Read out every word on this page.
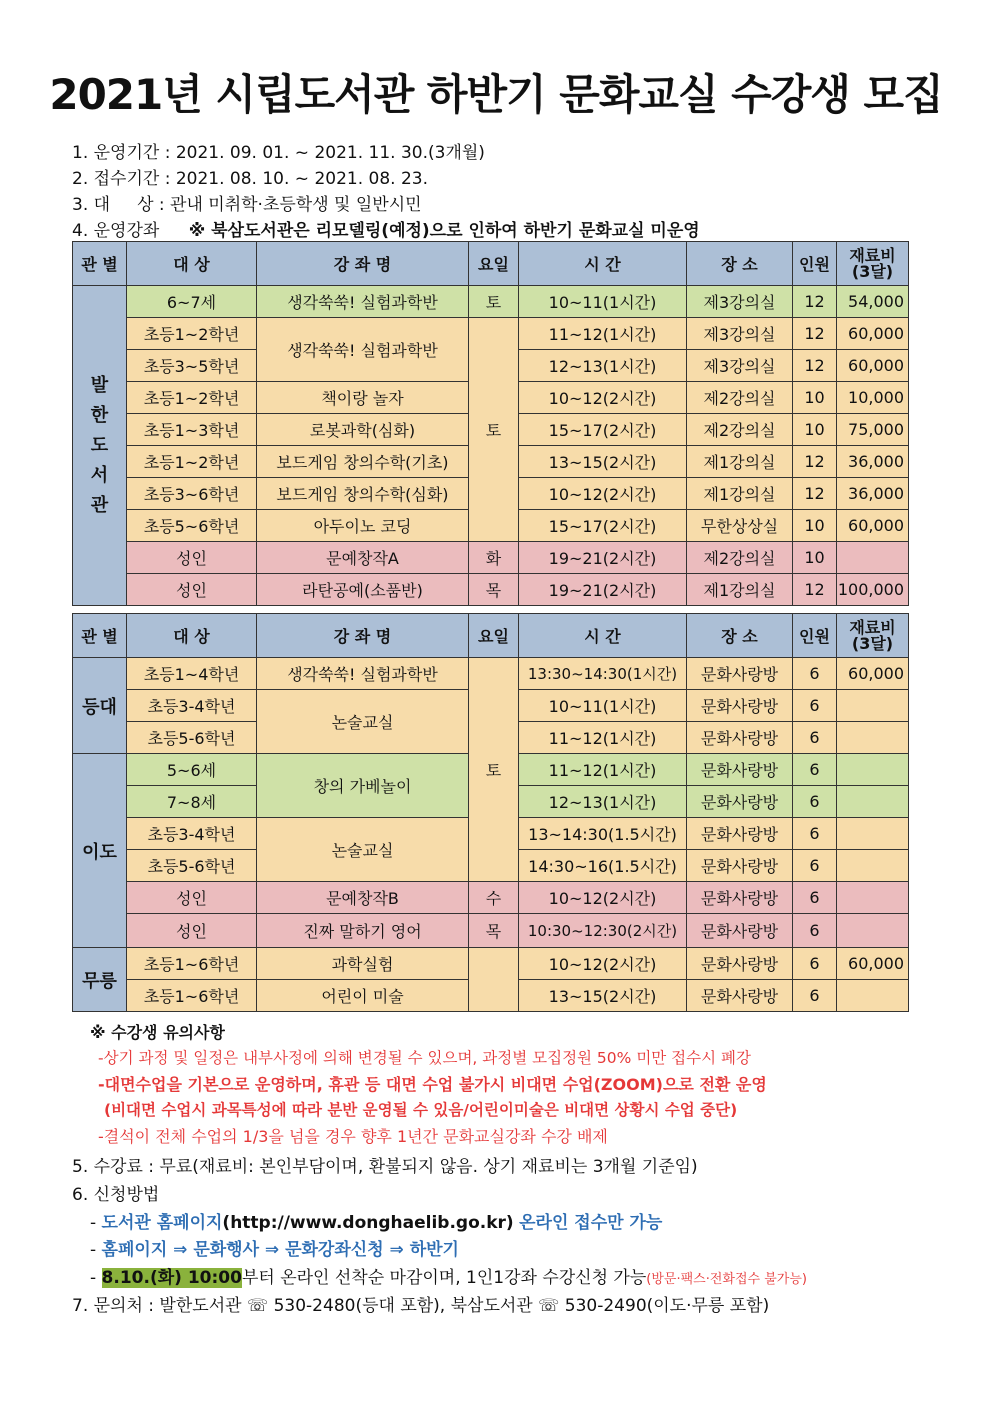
2021년 시립도서관 하반기 문화교실 수강생 모집
1. 운영기간 : 2021. 09. 01. ~ 2021. 11. 30.(3개월)
2. 접수기간 : 2021. 08. 10. ~ 2021. 08. 23.
3. 대     상 : 관내 미취학·초등학생 및 일반시민
4. 운영강좌 ※ 북삼도서관은 리모델링(예정)으로 인하여 하반기 문화교실 미운영
관 별	대 상	강 좌 명	요일	시 간	장 소	인원	재료비
(3달)
발 한 도 서 관	6~7세	생각쑥쑥! 실험과학반	토	10~11(1시간)	제3강의실	12	54,000
	초등1~2학년	생각쑥쑥! 실험과학반	토	11~12(1시간)	제3강의실	12	60,000
	초등3~5학년			12~13(1시간)	제3강의실	12	60,000
	초등1~2학년	책이랑 놀자		10~12(2시간)	제2강의실	10	10,000
	초등1~3학년	로봇과학(심화)		15~17(2시간)	제2강의실	10	75,000
	초등1~2학년	보드게임 창의수학(기초)		13~15(2시간)	제1강의실	12	36,000
	초등3~6학년	보드게임 창의수학(심화)		10~12(2시간)	제1강의실	12	36,000
	초등5~6학년	아두이노 코딩		15~17(2시간)	무한상상실	10	60,000
	성인	문예창작A	화	19~21(2시간)	제2강의실	10	
	성인	라탄공예(소품반)	목	19~21(2시간)	제1강의실	12	100,000
관 별	대 상	강 좌 명	요일	시 간	장 소	인원	재료비
(3달)
등대	초등1~4학년	생각쑥쑥! 실험과학반	토	13:30~14:30(1시간)	문화사랑방	6	60,000
	초등3-4학년	논술교실		10~11(1시간)	문화사랑방	6	
	초등5-6학년			11~12(1시간)	문화사랑방	6	
이도	5~6세	창의 가베놀이		11~12(1시간)	문화사랑방	6	
	7~8세			12~13(1시간)	문화사랑방	6	
	초등3-4학년	논술교실		13~14:30(1.5시간)	문화사랑방	6	
	초등5-6학년			14:30~16(1.5시간)	문화사랑방	6	
	성인	문예창작B	수	10~12(2시간)	문화사랑방	6	
	성인	진짜 말하기 영어	목	10:30~12:30(2시간)	문화사랑방	6	
무릉	초등1~6학년	과학실험		10~12(2시간)	문화사랑방	6	60,000
	초등1~6학년	어린이 미술		13~15(2시간)	문화사랑방	6	
※ 수강생 유의사항
-상기 과정 및 일정은 내부사정에 의해 변경될 수 있으며, 과정별 모집정원 50% 미만 접수시 폐강
-대면수업을 기본으로 운영하며, 휴관 등 대면 수업 불가시 비대면 수업(ZOOM)으로 전환 운영
(비대면 수업시 과목특성에 따라 분반 운영될 수 있음/어린이미술은 비대면 상황시 수업 중단)
-결석이 전체 수업의 1/3을 넘을 경우 향후 1년간 문화교실강좌 수강 배제
5. 수강료 : 무료(재료비: 본인부담이며, 환불되지 않음. 상기 재료비는 3개월 기준임)
6. 신청방법
- 도서관 홈페이지(http://www.donghaelib.go.kr) 온라인 접수만 가능
- 홈페이지 ⇒ 문화행사 ⇒ 문화강좌신청 ⇒ 하반기
- 8.10.(화) 10:00부터 온라인 선착순 마감이며, 1인1강좌 수강신청 가능(방문·팩스·전화접수 불가능)
7. 문의처 : 발한도서관 ☏ 530-2480(등대 포함), 북삼도서관 ☏ 530-2490(이도·무릉 포함)
